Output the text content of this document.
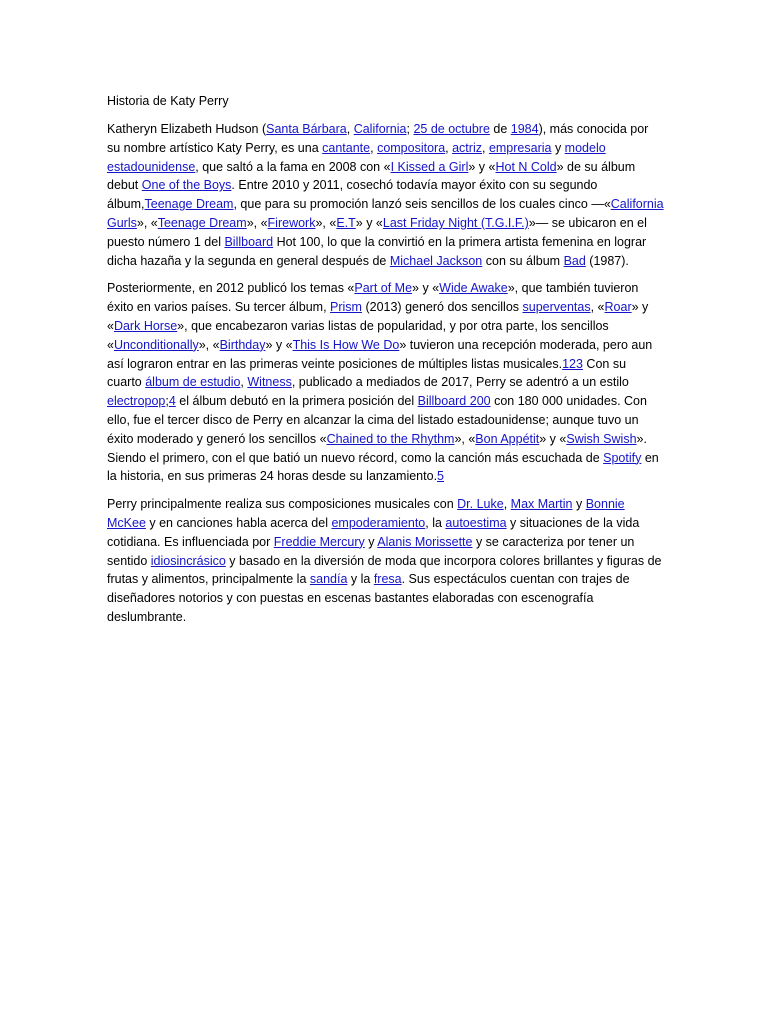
Historia de Katy Perry

Katheryn Elizabeth Hudson (Santa Bárbara, California; 25 de octubre de 1984), más conocida por su nombre artístico Katy Perry, es una cantante, compositora, actriz, empresaria y modelo estadounidense, que saltó a la fama en 2008 con «I Kissed a Girl» y «Hot N Cold» de su álbum debut One of the Boys. Entre 2010 y 2011, cosechó todavía mayor éxito con su segundo álbum,Teenage Dream, que para su promoción lanzó seis sencillos de los cuales cinco —«California Gurls», «Teenage Dream», «Firework», «E.T» y «Last Friday Night (T.G.I.F.)»— se ubicaron en el puesto número 1 del Billboard Hot 100, lo que la convirtió en la primera artista femenina en lograr dicha hazaña y la segunda en general después de Michael Jackson con su álbum Bad (1987).

Posteriormente, en 2012 publicó los temas «Part of Me» y «Wide Awake», que también tuvieron éxito en varios países. Su tercer álbum, Prism (2013) generó dos sencillos superventas, «Roar» y «Dark Horse», que encabezaron varias listas de popularidad, y por otra parte, los sencillos «Unconditionally», «Birthday» y «This Is How We Do» tuvieron una recepción moderada, pero aun así lograron entrar en las primeras veinte posiciones de múltiples listas musicales.123 Con su cuarto álbum de estudio, Witness, publicado a mediados de 2017, Perry se adentró a un estilo electropop;4 el álbum debutó en la primera posición del Billboard 200 con 180 000 unidades. Con ello, fue el tercer disco de Perry en alcanzar la cima del listado estadounidense; aunque tuvo un éxito moderado y generó los sencillos «Chained to the Rhythm», «Bon Appétit» y «Swish Swish». Siendo el primero, con el que batió un nuevo récord, como la canción más escuchada de Spotify en la historia, en sus primeras 24 horas desde su lanzamiento.5

Perry principalmente realiza sus composiciones musicales con Dr. Luke, Max Martin y Bonnie McKee y en canciones habla acerca del empoderamiento, la autoestima y situaciones de la vida cotidiana. Es influenciada por Freddie Mercury y Alanis Morissette y se caracteriza por tener un sentido idiosincrásico y basado en la diversión de moda que incorpora colores brillantes y figuras de frutas y alimentos, principalmente la sandía y la fresa. Sus espectáculos cuentan con trajes de diseñadores notorios y con puestas en escenas bastantes elaboradas con escenografía deslumbrante.
